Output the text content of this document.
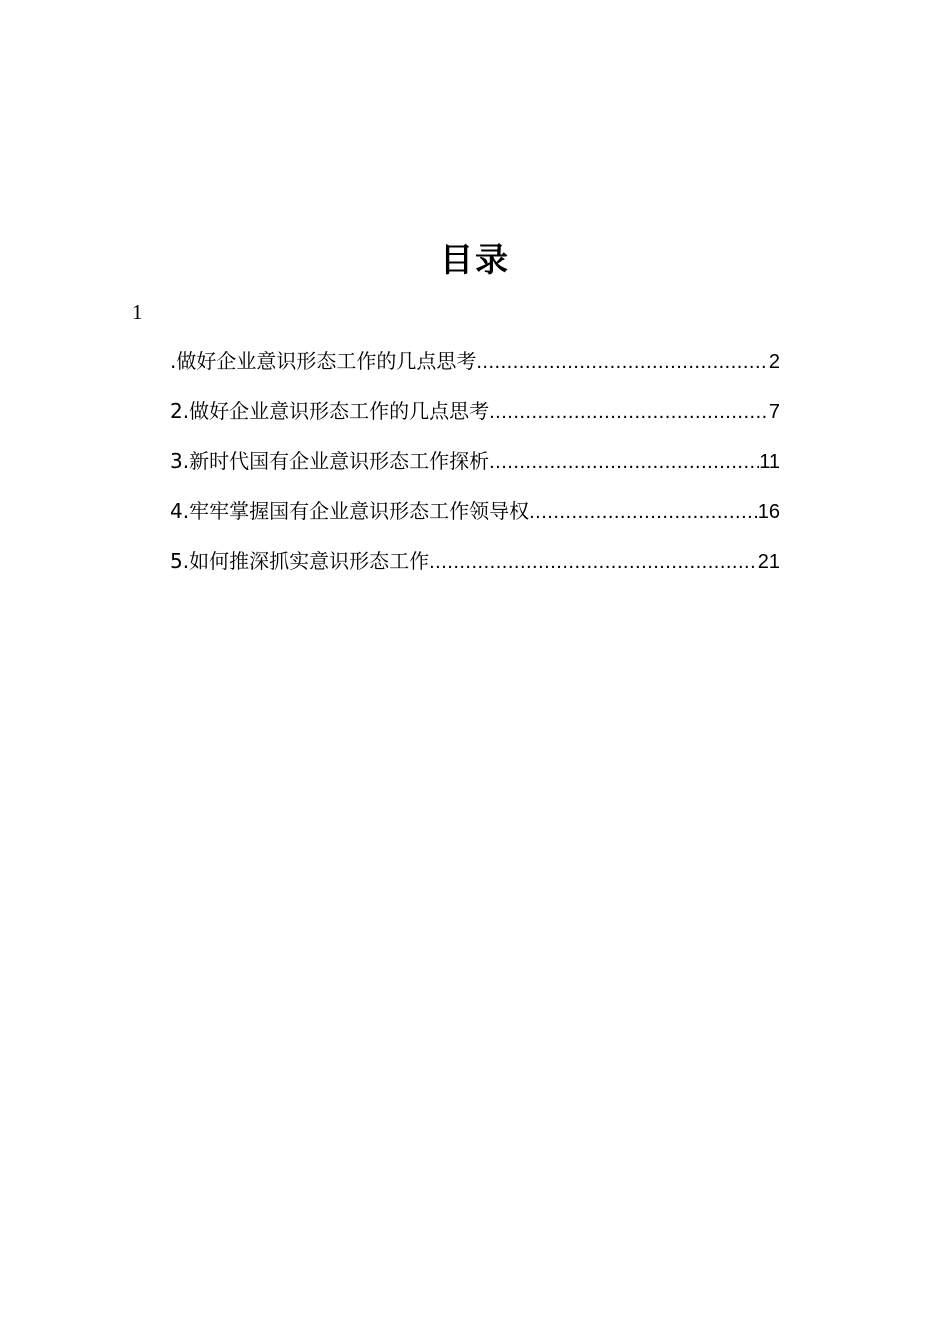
目录
1
.做好企业意识形态工作的几点思考 .....	2
2.做好企业意识形态工作的几点思考 .....	7
3.新时代国有企业意识形态工作探析 .....	11
4.牢牢掌握国有企业意识形态工作领导权 .....	16
5.如何推深抓实意识形态工作 .....	21
